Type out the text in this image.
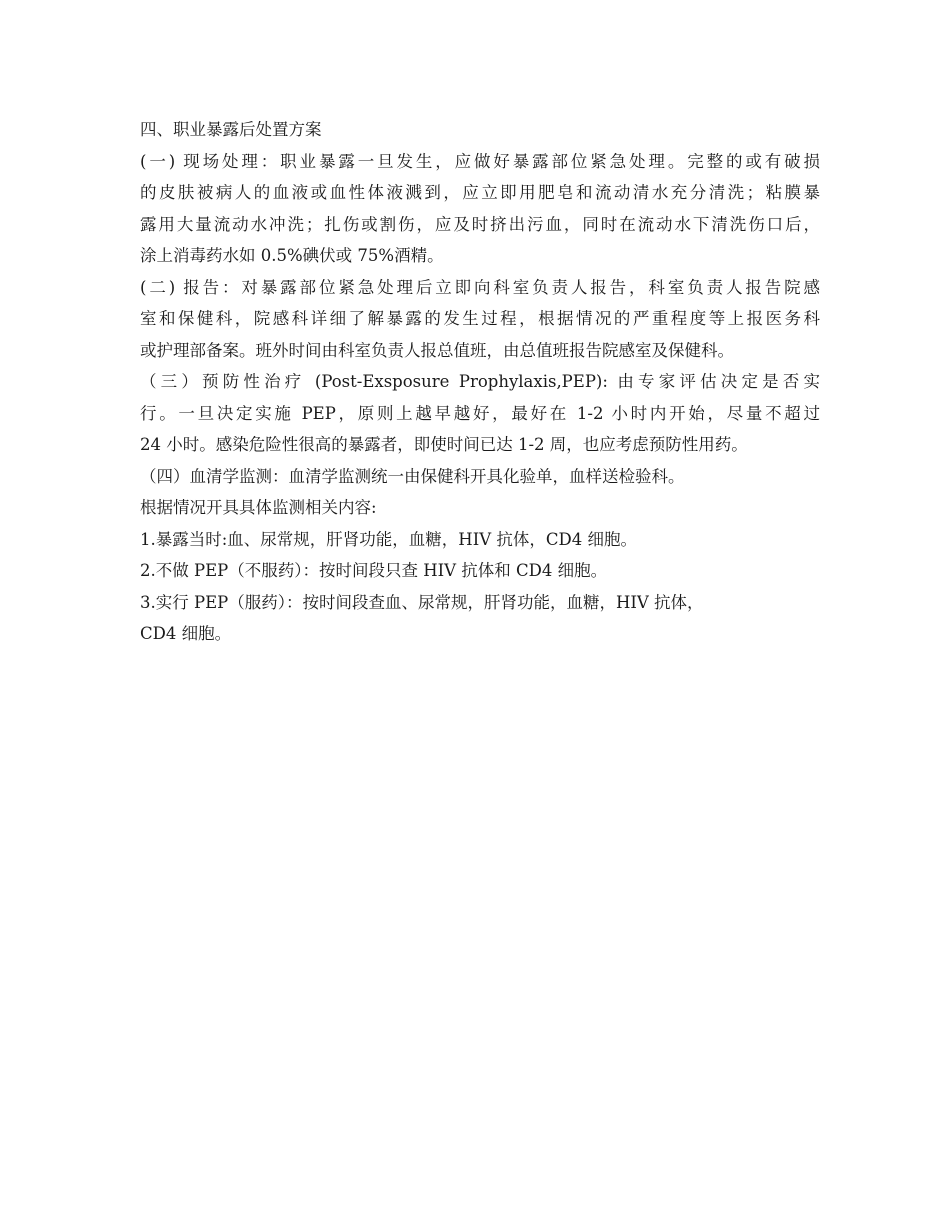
四、职业暴露后处置方案
(一) 现场处理：职业暴露一旦发生，应做好暴露部位紧急处理。完整的或有破损
的皮肤被病人的血液或血性体液溅到，应立即用肥皂和流动清水充分清洗；粘膜暴
露用大量流动水冲洗；扎伤或割伤，应及时挤出污血，同时在流动水下清洗伤口后，
涂上消毒药水如 0.5%碘伏或 75%酒精。
(二) 报告：对暴露部位紧急处理后立即向科室负责人报告，科室负责人报告院感
室和保健科，院感科详细了解暴露的发生过程，根据情况的严重程度等上报医务科
或护理部备案。班外时间由科室负责人报总值班，由总值班报告院感室及保健科。
（三）预防性治疗 (Post-Exsposure Prophylaxis,PEP): 由专家评估决定是否实
行。一旦决定实施 PEP，原则上越早越好，最好在 1-2 小时内开始，尽量不超过
24 小时。感染危险性很高的暴露者，即使时间已达 1-2 周，也应考虑预防性用药。
（四）血清学监测：血清学监测统一由保健科开具化验单，血样送检验科。
根据情况开具具体监测相关内容:
1.暴露当时:血、尿常规，肝肾功能，血糖，HIV 抗体，CD4 细胞。
2.不做 PEP（不服药）：按时间段只查 HIV 抗体和 CD4 细胞。
3.实行 PEP（服药）：按时间段查血、尿常规，肝肾功能，血糖，HIV 抗体，
CD4 细胞。
